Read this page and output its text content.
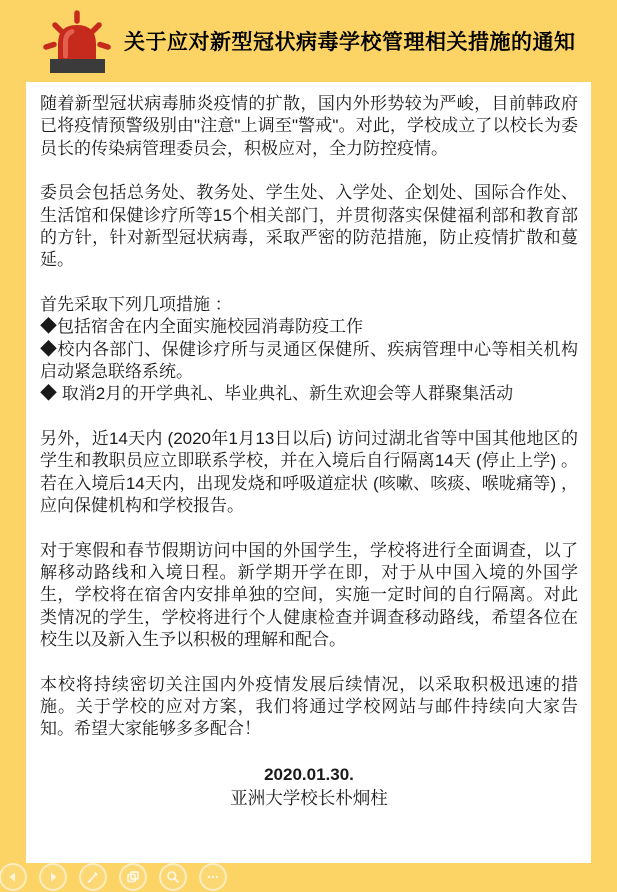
关于应对新型冠状病毒学校管理相关措施的通知

随着新型冠状病毒肺炎疫情的扩散，国内外形势较为严峻，目前韩政府已将疫情预警级别由"注意"上调至"警戒"。对此，学校成立了以校长为委员长的传染病管理委员会，积极应对，全力防控疫情。

委员会包括总务处、教务处、学生处、入学处、企划处、国际合作处、生活馆和保健诊疗所等15个相关部门，并贯彻落实保健福利部和教育部的方针，针对新型冠状病毒，采取严密的防范措施，防止疫情扩散和蔓延。

首先采取下列几项措施 ：
◆包括宿舍在内全面实施校园消毒防疫工作
◆校内各部门、保健诊疗所与灵通区保健所、疾病管理中心等相关机构启动紧急联络系统。
◆ 取消2月的开学典礼、毕业典礼、新生欢迎会等人群聚集活动

另外，近14天内 (2020年1月13日以后) 访问过湖北省等中国其他地区的学生和教职员应立即联系学校，并在入境后自行隔离14天 (停止上学) 。若在入境后14天内，出现发烧和呼吸道症状 (咳嗽、咳痰、喉咙痛等) ，应向保健机构和学校报告。

对于寒假和春节假期访问中国的外国学生，学校将进行全面调查，以了解移动路线和入境日程。新学期开学在即，对于从中国入境的外国学生，学校将在宿舍内安排单独的空间，实施一定时间的自行隔离。对此类情况的学生，学校将进行个人健康检查并调查移动路线，希望各位在校生以及新入生予以积极的理解和配合。

本校将持续密切关注国内外疫情发展后续情况，以采取积极迅速的措施。关于学校的应对方案，我们将通过学校网站与邮件持续向大家告知。希望大家能够多多配合！

2020.01.30.
亚洲大学校长朴炯柱
